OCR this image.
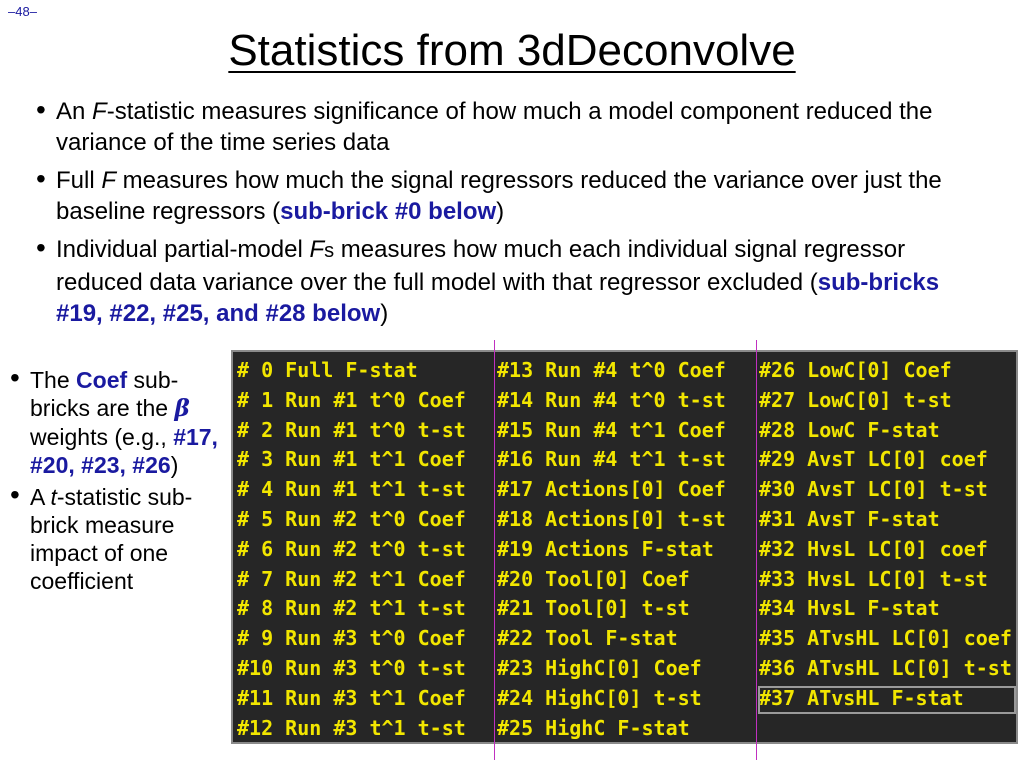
–48–
Statistics from 3dDeconvolve
• An F-statistic measures significance of how much a model component reduced the variance of the time series data
• Full F measures how much the signal regressors reduced the variance over just the baseline regressors (sub-brick #0 below)
• Individual partial-model Fs measures how much each individual signal regressor reduced data variance over the full model with that regressor excluded (sub-bricks #19, #22, #25, and #28 below)
• The Coef sub-bricks are the β weights (e.g., #17, #20, #23, #26)
• A t-statistic sub-brick measure impact of one coefficient
# 0 Full F-stat
# 1 Run #1 t^0 Coef
# 2 Run #1 t^0 t-st
# 3 Run #1 t^1 Coef
# 4 Run #1 t^1 t-st
# 5 Run #2 t^0 Coef
# 6 Run #2 t^0 t-st
# 7 Run #2 t^1 Coef
# 8 Run #2 t^1 t-st
# 9 Run #3 t^0 Coef
#10 Run #3 t^0 t-st
#11 Run #3 t^1 Coef
#12 Run #3 t^1 t-st
#13 Run #4 t^0 Coef
#14 Run #4 t^0 t-st
#15 Run #4 t^1 Coef
#16 Run #4 t^1 t-st
#17 Actions[0] Coef
#18 Actions[0] t-st
#19 Actions F-stat
#20 Tool[0] Coef
#21 Tool[0] t-st
#22 Tool F-stat
#23 HighC[0] Coef
#24 HighC[0] t-st
#25 HighC F-stat
#26 LowC[0] Coef
#27 LowC[0] t-st
#28 LowC F-stat
#29 AvsT LC[0] coef
#30 AvsT LC[0] t-st
#31 AvsT F-stat
#32 HvsL LC[0] coef
#33 HvsL LC[0] t-st
#34 HvsL F-stat
#35 ATvsHL LC[0] coef
#36 ATvsHL LC[0] t-st
#37 ATvsHL F-stat
